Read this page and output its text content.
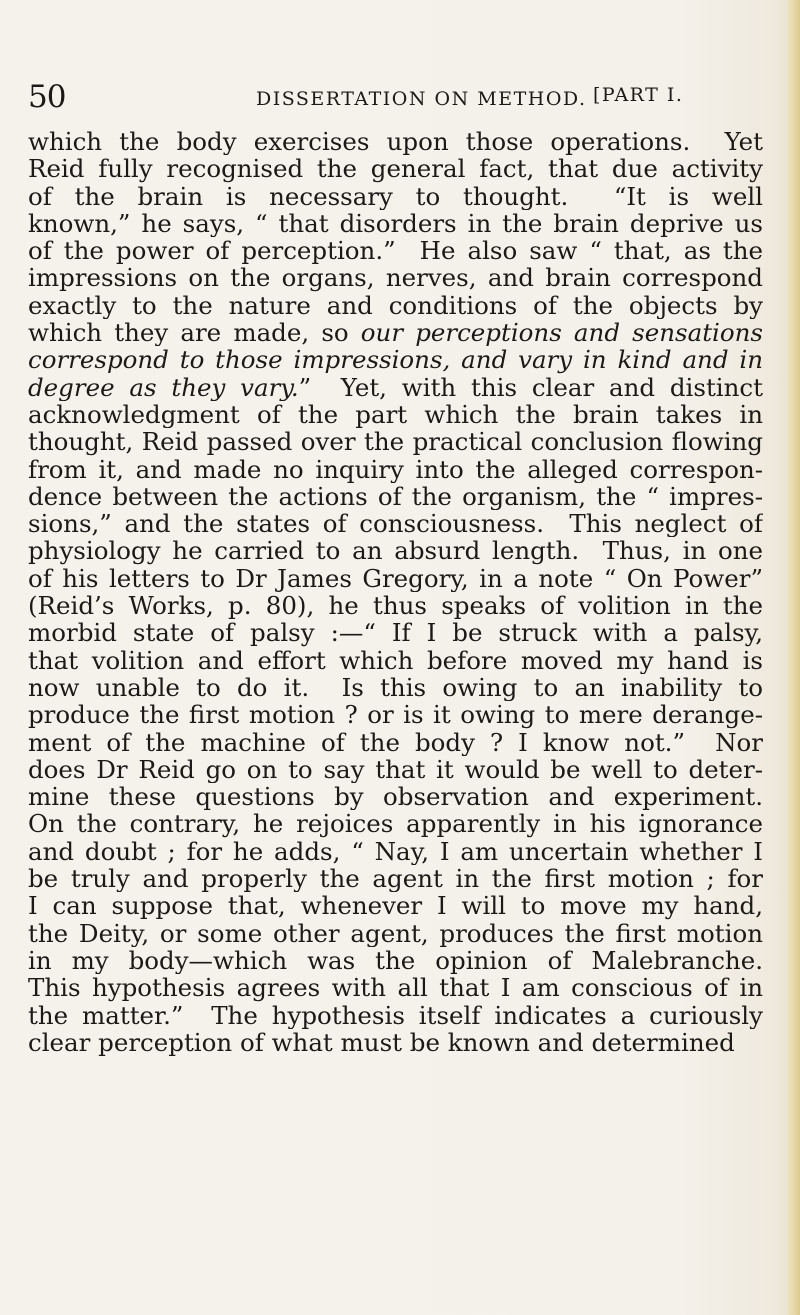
50	DISSERTATION ON METHOD. [PART I.
which the body exercises upon those operations.  Yet
Reid fully recognised the general fact, that due activity
of the brain is necessary to thought.  “It is well
known,” he says, “ that disorders in the brain deprive us
of the power of perception.”  He also saw “ that, as the
impressions on the organs, nerves, and brain correspond
exactly to the nature and conditions of the objects by
which they are made, so our perceptions and sensations
correspond to those impressions, and vary in kind and in
degree as they vary.”  Yet, with this clear and distinct
acknowledgment of the part which the brain takes in
thought, Reid passed over the practical conclusion flowing
from it, and made no inquiry into the alleged correspon-
dence between the actions of the organism, the “ impres-
sions,” and the states of consciousness.  This neglect of
physiology he carried to an absurd length.  Thus, in one
of his letters to Dr James Gregory, in a note “ On Power”
(Reid’s Works, p. 80), he thus speaks of volition in the
morbid state of palsy :—“ If I be struck with a palsy,
that volition and effort which before moved my hand is
now unable to do it.  Is this owing to an inability to
produce the first motion ? or is it owing to mere derange-
ment of the machine of the body ? I know not.”  Nor
does Dr Reid go on to say that it would be well to deter-
mine these questions by observation and experiment.
On the contrary, he rejoices apparently in his ignorance
and doubt ; for he adds, “ Nay, I am uncertain whether I
be truly and properly the agent in the first motion ; for
I can suppose that, whenever I will to move my hand,
the Deity, or some other agent, produces the first motion
in my body—which was the opinion of Malebranche.
This hypothesis agrees with all that I am conscious of in
the matter.”  The hypothesis itself indicates a curiously
clear perception of what must be known and determined
